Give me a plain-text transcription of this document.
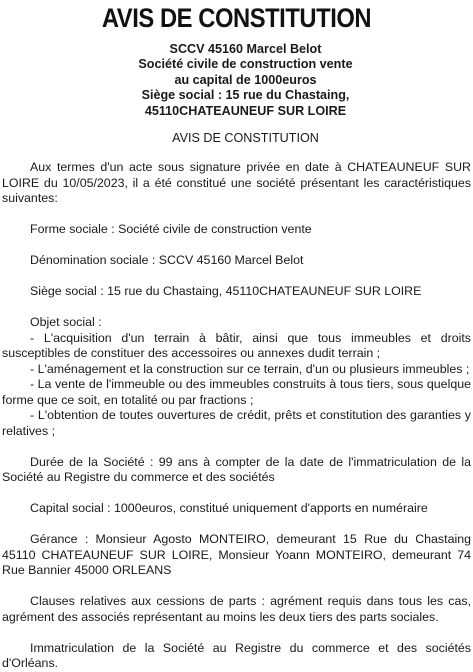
AVIS DE CONSTITUTION
SCCV 45160 Marcel Belot
Société civile de construction vente
au capital de 1000euros
Siège social : 15 rue du Chastaing,
45110CHATEAUNEUF SUR LOIRE
AVIS DE CONSTITUTION

Aux termes d'un acte sous signature privée en date à CHATEAUNEUF SUR LOIRE du 10/05/2023, il a été constitué une société présentant les caractéristiques suivantes:

Forme sociale : Société civile de construction vente

Dénomination sociale : SCCV 45160 Marcel Belot

Siège social : 15 rue du Chastaing, 45110CHATEAUNEUF SUR LOIRE

Objet social :

- L'acquisition d'un terrain à bâtir, ainsi que tous immeubles et droits susceptibles de constituer des accessoires ou annexes dudit terrain ;

- L'aménagement et la construction sur ce terrain, d'un ou plusieurs immeubles ;

- La vente de l'immeuble ou des immeubles construits à tous tiers, sous quelque forme que ce soit, en totalité ou par fractions ;

- L'obtention de toutes ouvertures de crédit, prêts et constitution des garanties y relatives ;

Durée de la Société : 99 ans à compter de la date de l'immatriculation de la Société au Registre du commerce et des sociétés

Capital social : 1000euros, constitué uniquement d'apports en numéraire

Gérance : Monsieur Agosto MONTEIRO, demeurant 15 Rue du Chastaing 45110 CHATEAUNEUF SUR LOIRE, Monsieur Yoann MONTEIRO, demeurant 74 Rue Bannier 45000 ORLEANS

Clauses relatives aux cessions de parts : agrément requis dans tous les cas, agrément des associés représentant au moins les deux tiers des parts sociales.

Immatriculation de la Société au Registre du commerce et des sociétés d'Orléans.
